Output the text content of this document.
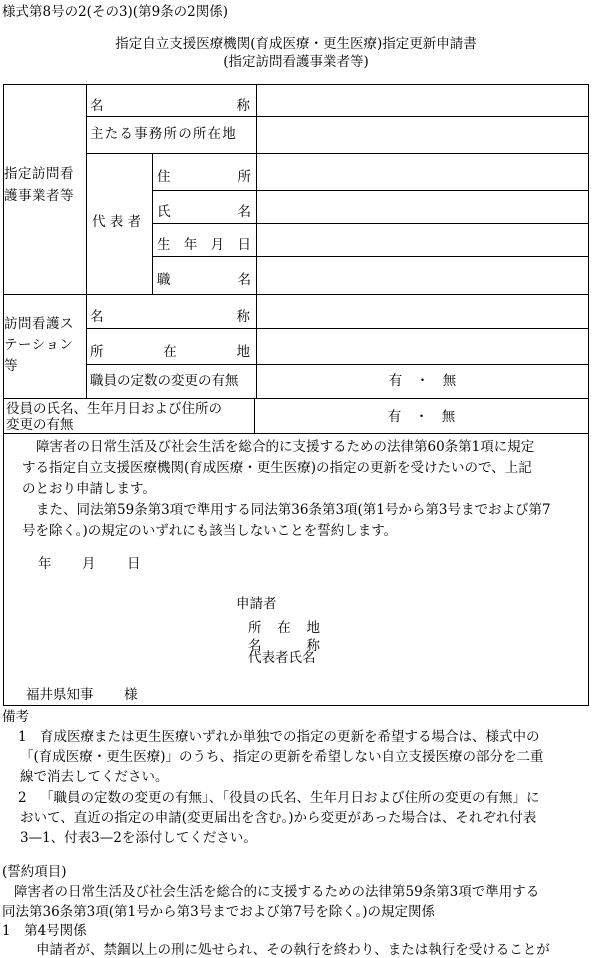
様式第8号の2(その3)(第9条の2関係)
指定自立支援医療機関(育成医療・更生医療)指定更新申請書
(指定訪問看護事業者等)
指定訪問看
護事業者等
名	称
主たる事務所の所在地
代 表 者
住	所
氏	名
生 年 月 日
職	名
訪問看護ス
テーション
等
名	称
所	在	地
職員の定数の変更の有無	有　・　無
役員の氏名、生年月日および住所の
変更の有無	有　・　無
障害者の日常生活及び社会生活を総合的に支援するための法律第60条第1項に規定
する指定自立支援医療機関(育成医療・更生医療)の指定の更新を受けたいので、上記
のとおり申請します。
また、同法第59条第3項で準用する同法第36条第3項(第1号から第3号までおよび第7
号を除く。)の規定のいずれにも該当しないことを誓約します。
年 月 日
申請者
所 在 地
名	称
代表者氏名
福井県知事 様
備考
1 育成医療または更生医療いずれか単独での指定の更新を希望する場合は、様式中の
「(育成医療・更生医療)」のうち、指定の更新を希望しない自立支援医療の部分を二重
線で消去してください。
2 「職員の定数の変更の有無」、「役員の氏名、生年月日および住所の変更の有無」に
おいて、直近の指定の申請(変更届出を含む。)から変更があった場合は、それぞれ付表
3—1、付表3—2を添付してください。
(誓約項目)
障害者の日常生活及び社会生活を総合的に支援するための法律第59条第3項で準用する
同法第36条第3項(第1号から第3号までおよび第7号を除く。)の規定関係
1　第4号関係
申請者が、禁錮以上の刑に処せられ、その執行を終わり、または執行を受けることが
